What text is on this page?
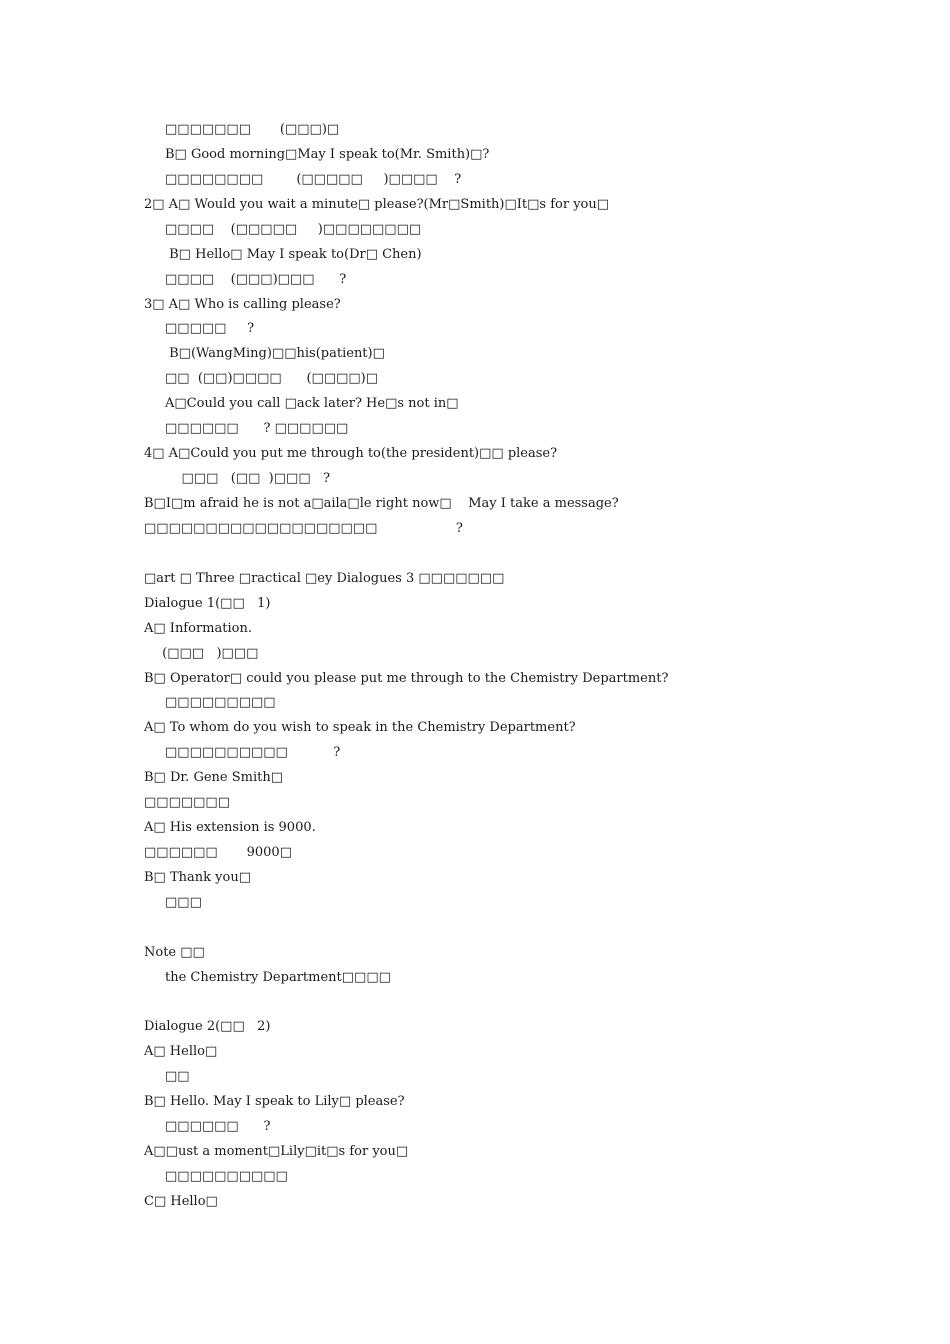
□□□□□□□       (□□□)□
B□ Good morning□May I speak to(Mr. Smith)□?
□□□□□□□□        (□□□□□     )□□□□    ?
2□ A□ Would you wait a minute□ please?(Mr□Smith)□It□s for you□
□□□□    (□□□□□     )□□□□□□□□
B□ Hello□ May I speak to(Dr□ Chen)
□□□□    (□□□)□□□      ?
3□ A□ Who is calling please?
□□□□□     ?
B□(WangMing)□□his(patient)□
□□  (□□)□□□□      (□□□□)□
A□Could you call □ack later? He□s not in□
□□□□□□      ? □□□□□□
4□ A□Could you put me through to(the president)□□ please?
□□□   (□□  )□□□   ?
B□I□m afraid he is not a□aila□le right now□    May I take a message?
□□□□□□□□□□□□□□□□□□□                   ?
□art □ Three □ractical □ey Dialogues 3 □□□□□□□
Dialogue 1(□□   1)
A□ Information.
(□□□   )□□□
B□ Operator□ could you please put me through to the Chemistry Department?
□□□□□□□□□
A□ To whom do you wish to speak in the Chemistry Department?
□□□□□□□□□□           ?
B□ Dr. Gene Smith□
□□□□□□□
A□ His extension is 9000.
□□□□□□       9000□
B□ Thank you□
□□□
Note □□
the Chemistry Department□□□□
Dialogue 2(□□   2)
A□ Hello□
□□
B□ Hello. May I speak to Lily□ please?
□□□□□□      ?
A□□ust a moment□Lily□it□s for you□
□□□□□□□□□□
C□ Hello□
